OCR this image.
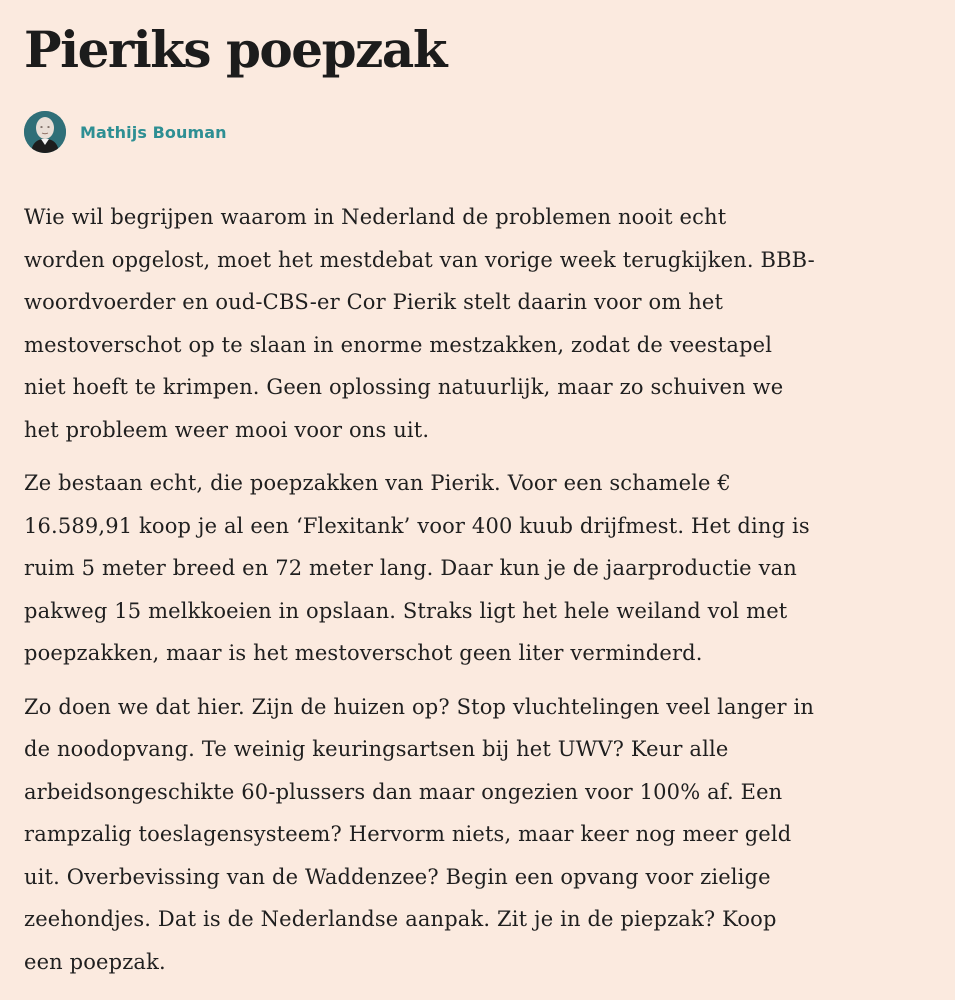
Pieriks poepzak
Mathijs Bouman

Wie wil begrijpen waarom in Nederland de problemen nooit echt
worden opgelost, moet het mestdebat van vorige week terugkijken. BBB-
woordvoerder en oud-CBS-er Cor Pierik stelt daarin voor om het
mestoverschot op te slaan in enorme mestzakken, zodat de veestapel
niet hoeft te krimpen. Geen oplossing natuurlijk, maar zo schuiven we
het probleem weer mooi voor ons uit.

Ze bestaan echt, die poepzakken van Pierik. Voor een schamele €
16.589,91 koop je al een ‘Flexitank’ voor 400 kuub drijfmest. Het ding is
ruim 5 meter breed en 72 meter lang. Daar kun je de jaarproductie van
pakweg 15 melkkoeien in opslaan. Straks ligt het hele weiland vol met
poepzakken, maar is het mestoverschot geen liter verminderd.

Zo doen we dat hier. Zijn de huizen op? Stop vluchtelingen veel langer in
de noodopvang. Te weinig keuringsartsen bij het UWV? Keur alle
arbeidsongeschikte 60-plussers dan maar ongezien voor 100% af. Een
rampzalig toeslagensysteem? Hervorm niets, maar keer nog meer geld
uit. Overbevissing van de Waddenzee? Begin een opvang voor zielige
zeehondjes. Dat is de Nederlandse aanpak. Zit je in de piepzak? Koop
een poepzak.
